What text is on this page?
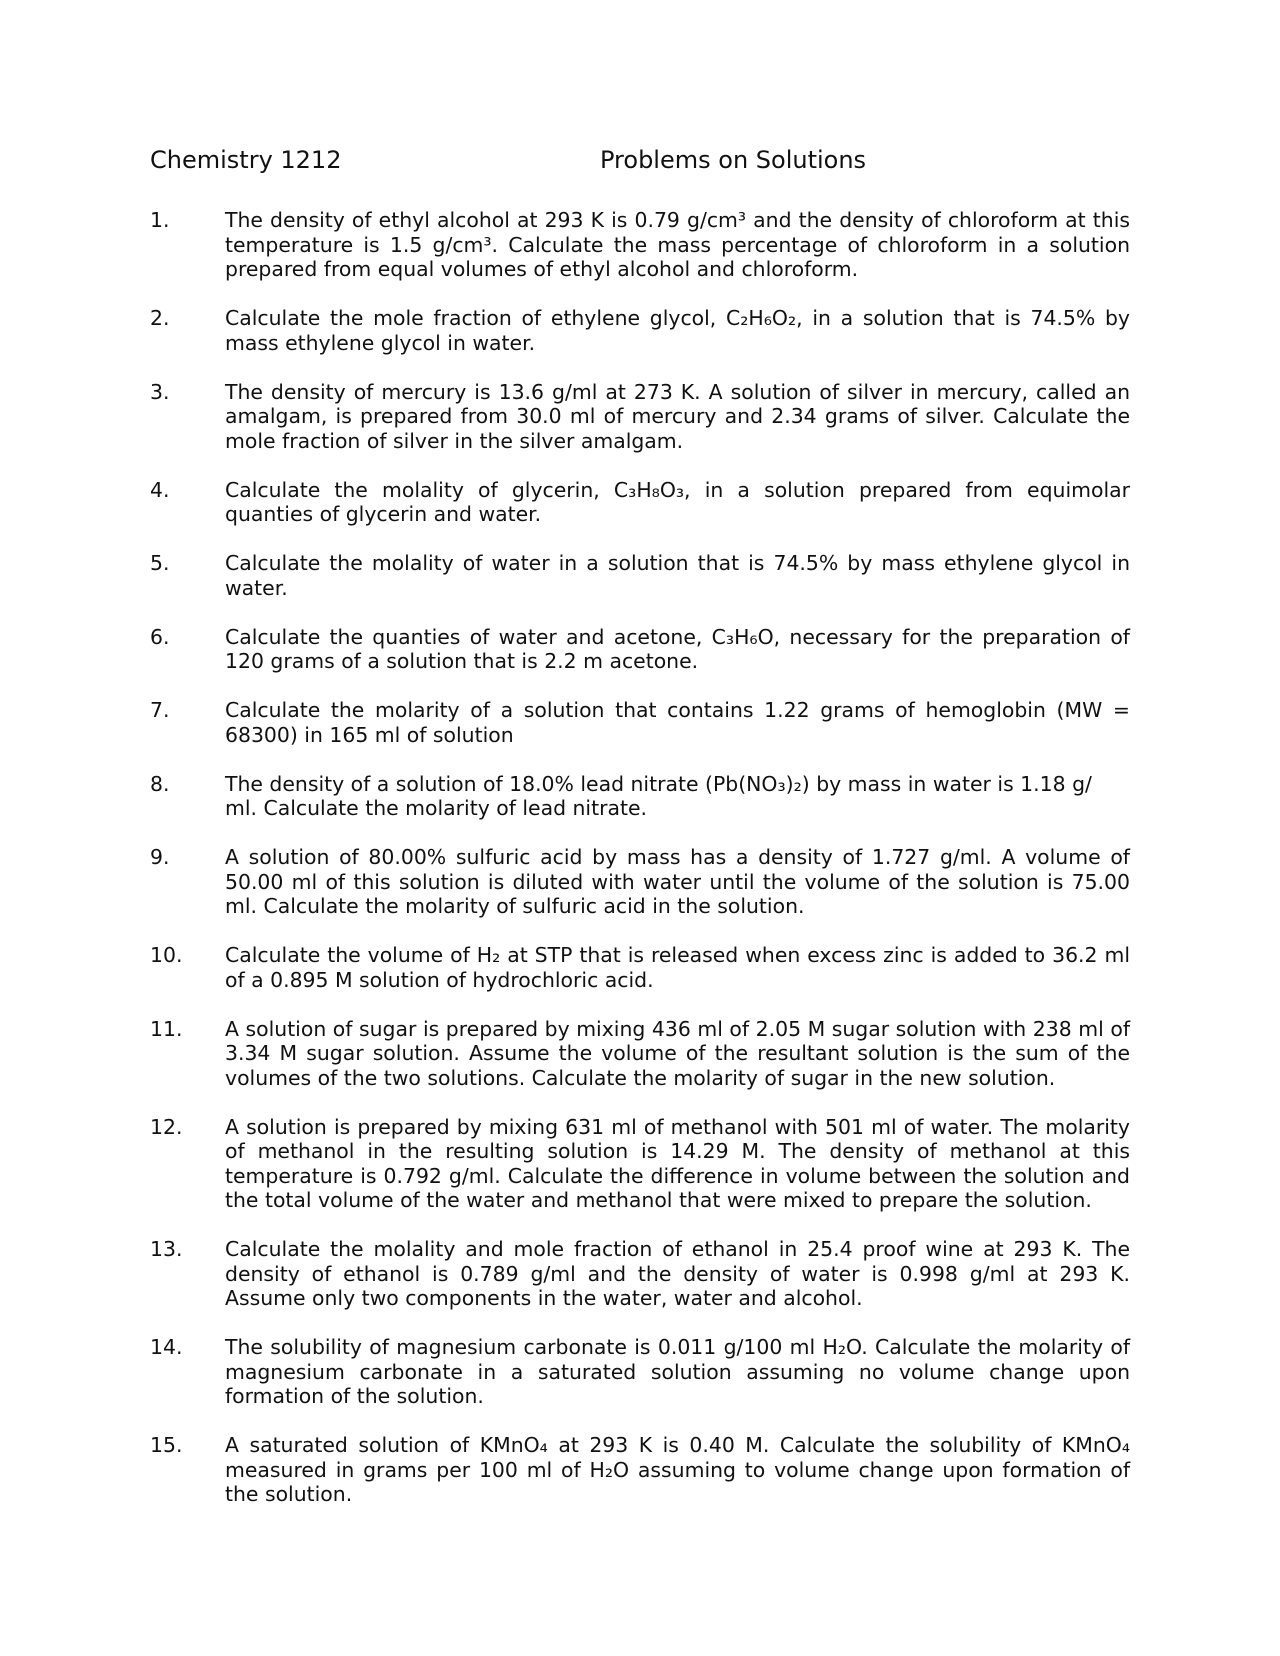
Chemistry 1212	Problems on Solutions
1.	The density of ethyl alcohol at 293 K is 0.79 g/cm³ and the density of chloroform at this temperature is 1.5 g/cm³. Calculate the mass percentage of chloroform in a solution prepared from equal volumes of ethyl alcohol and chloroform.
2.	Calculate the mole fraction of ethylene glycol, C₂H₆O₂, in a solution that is 74.5% by mass ethylene glycol in water.
3.	The density of mercury is 13.6 g/ml at 273 K. A solution of silver in mercury, called an amalgam, is prepared from 30.0 ml of mercury and 2.34 grams of silver. Calculate the mole fraction of silver in the silver amalgam.
4.	Calculate the molality of glycerin, C₃H₈O₃, in a solution prepared from equimolar quanties of glycerin and water.
5.	Calculate the molality of water in a solution that is 74.5% by mass ethylene glycol in water.
6.	Calculate the quanties of water and acetone, C₃H₆O, necessary for the preparation of 120 grams of a solution that is 2.2 m acetone.
7.	Calculate the molarity of a solution that contains 1.22 grams of hemoglobin (MW = 68300) in 165 ml of solution
8.	The density of a solution of 18.0% lead nitrate (Pb(NO₃)₂) by mass in water is 1.18 g/
ml. Calculate the molarity of lead nitrate.
9.	A solution of 80.00% sulfuric acid by mass has a density of 1.727 g/ml. A volume of 50.00 ml of this solution is diluted with water until the volume of the solution is 75.00 ml. Calculate the molarity of sulfuric acid in the solution.
10. Calculate the volume of H₂ at STP that is released when excess zinc is added to 36.2 ml of a 0.895 M solution of hydrochloric acid.
11. A solution of sugar is prepared by mixing 436 ml of 2.05 M sugar solution with 238 ml of 3.34 M sugar solution. Assume the volume of the resultant solution is the sum of the volumes of the two solutions. Calculate the molarity of sugar in the new solution.
12. A solution is prepared by mixing 631 ml of methanol with 501 ml of water. The molarity of methanol in the resulting solution is 14.29 M. The density of methanol at this temperature is 0.792 g/ml. Calculate the difference in volume between the solution and the total volume of the water and methanol that were mixed to prepare the solution.
13. Calculate the molality and mole fraction of ethanol in 25.4 proof wine at 293 K. The density of ethanol is 0.789 g/ml and the density of water is 0.998 g/ml at 293 K. Assume only two components in the water, water and alcohol.
14. The solubility of magnesium carbonate is 0.011 g/100 ml H₂O. Calculate the molarity of magnesium carbonate in a saturated solution assuming no volume change upon formation of the solution.
15. A saturated solution of KMnO₄ at 293 K is 0.40 M. Calculate the solubility of KMnO₄ measured in grams per 100 ml of H₂O assuming to volume change upon formation of the solution.
